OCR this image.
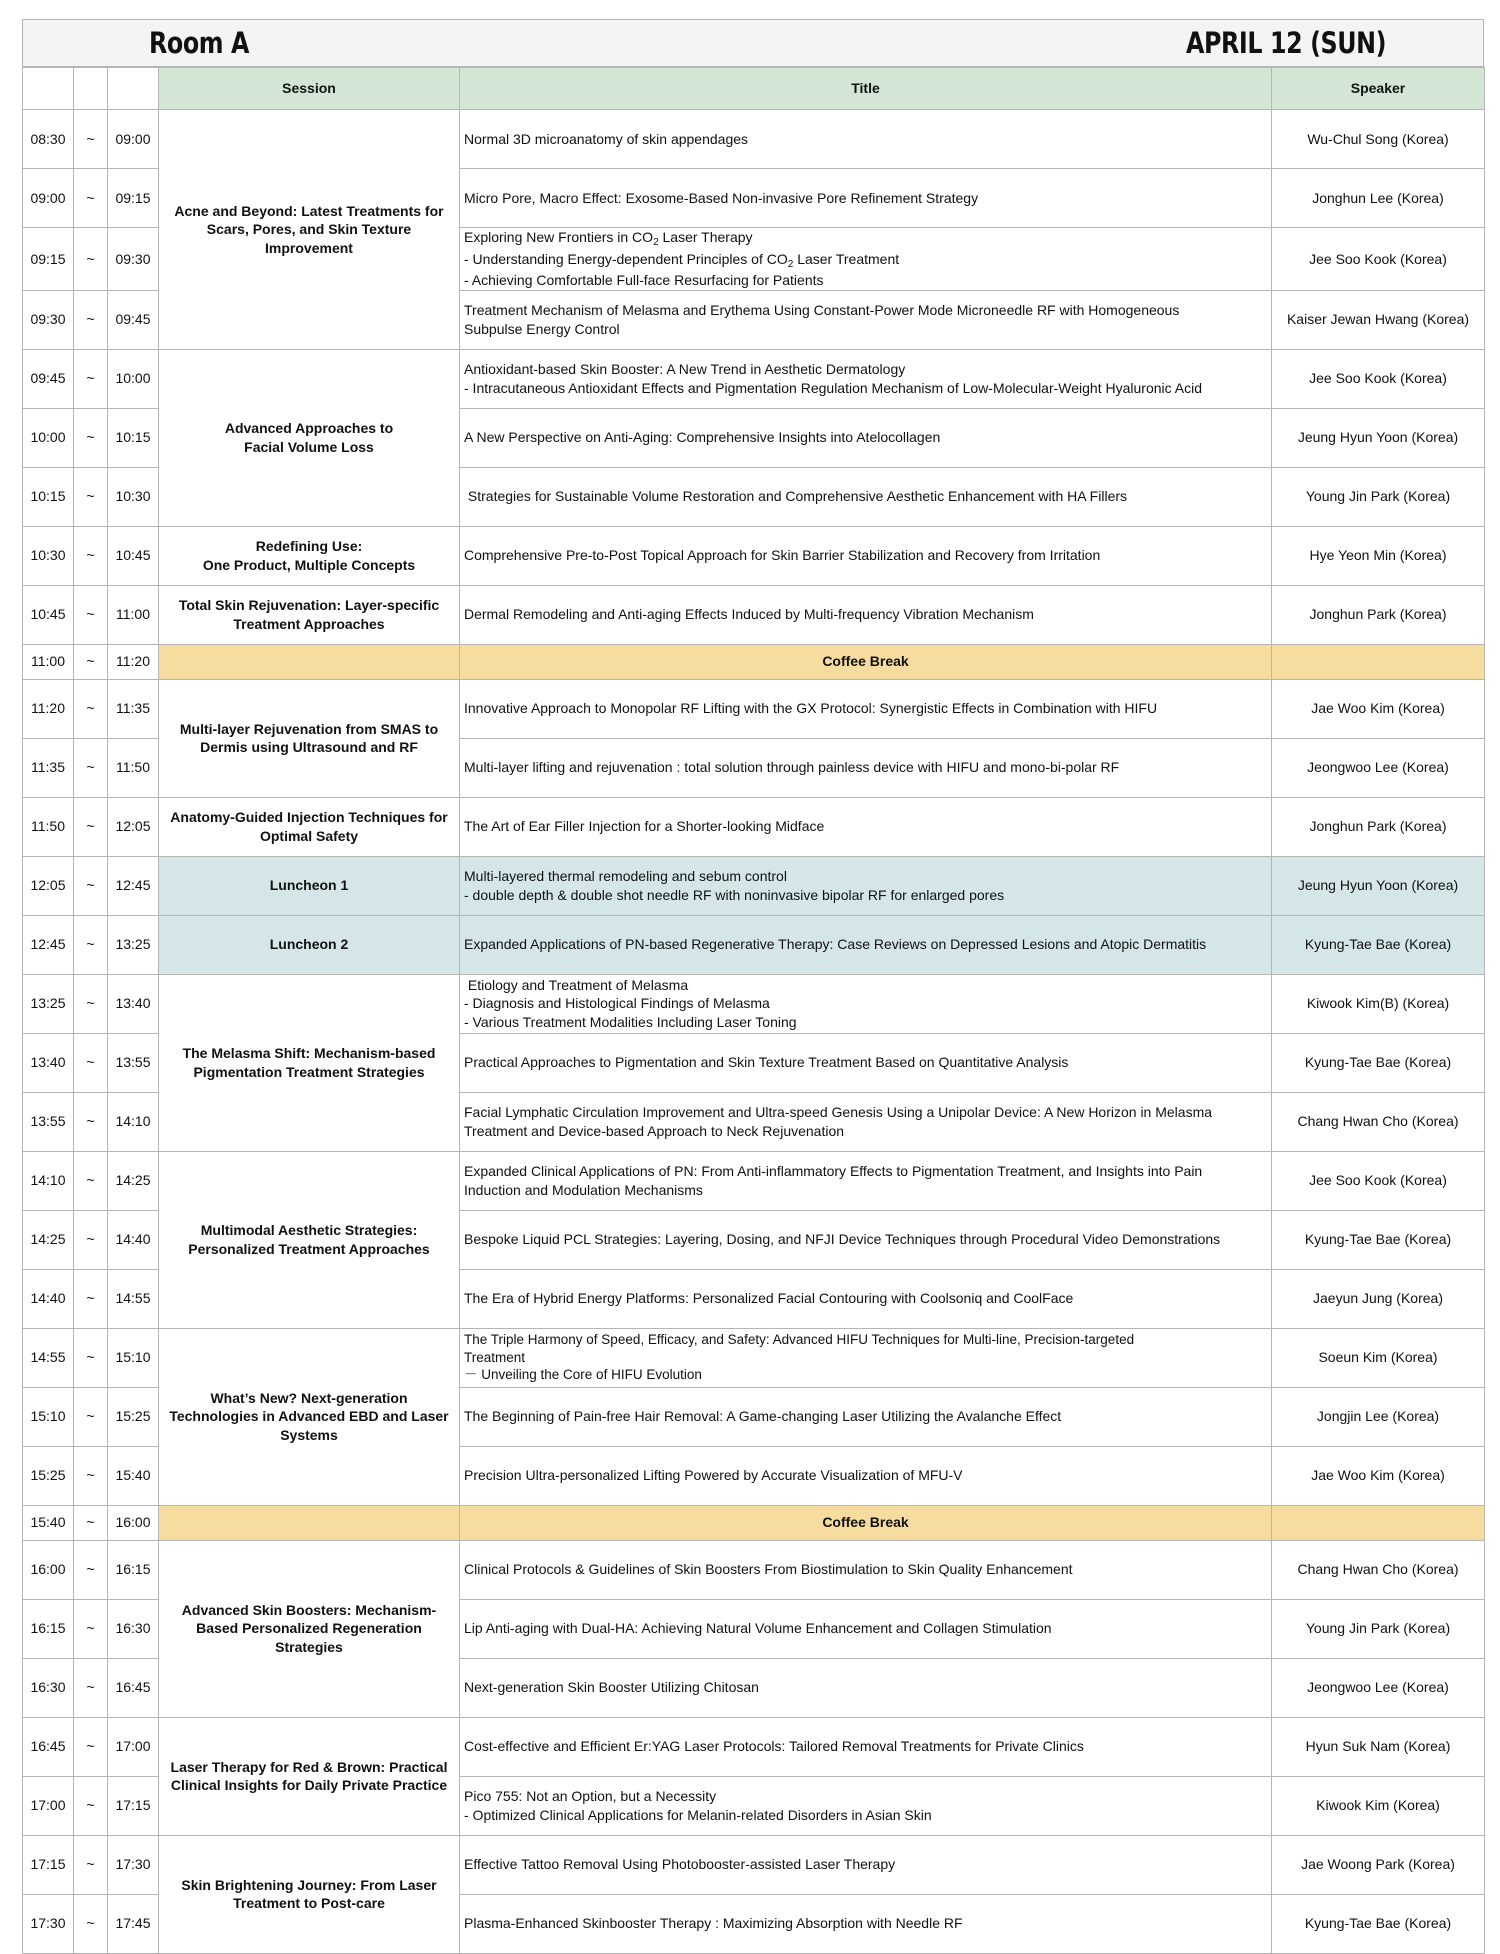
Room A	APRIL 12 (SUN)
			Session	Title	Speaker
08:30	~	09:00	Acne and Beyond: Latest Treatments for
Scars, Pores, and Skin Texture
Improvement	Normal 3D microanatomy of skin appendages	Wu-Chul Song (Korea)
09:00	~	09:15		Micro Pore, Macro Effect: Exosome-Based Non-invasive Pore Refinement Strategy	Jonghun Lee (Korea)
09:15	~	09:30		Exploring New Frontiers in $CO_2$ Laser Therapy
- Understanding Energy-dependent Principles of $CO_2$ Laser Treatment
- Achieving Comfortable Full-face Resurfacing for Patients	Jee Soo Kook (Korea)
09:30	~	09:45		Treatment Mechanism of Melasma and Erythema Using Constant-Power Mode Microneedle RF with Homogeneous
Subpulse Energy Control	Kaiser Jewan Hwang (Korea)
09:45	~	10:00	Advanced Approaches to
Facial Volume Loss	Antioxidant-based Skin Booster: A New Trend in Aesthetic Dermatology
- Intracutaneous Antioxidant Effects and Pigmentation Regulation Mechanism of Low-Molecular-Weight Hyaluronic Acid	Jee Soo Kook (Korea)
10:00	~	10:15		A New Perspective on Anti-Aging: Comprehensive Insights into Atelocollagen	Jeung Hyun Yoon (Korea)
10:15	~	10:30		Strategies for Sustainable Volume Restoration and Comprehensive Aesthetic Enhancement with HA Fillers	Young Jin Park (Korea)
10:30	~	10:45	Redefining Use:
One Product, Multiple Concepts	Comprehensive Pre-to-Post Topical Approach for Skin Barrier Stabilization and Recovery from Irritation	Hye Yeon Min (Korea)
10:45	~	11:00	Total Skin Rejuvenation: Layer-specific
Treatment Approaches	Dermal Remodeling and Anti-aging Effects Induced by Multi-frequency Vibration Mechanism	Jonghun Park (Korea)
11:00	~	11:20		Coffee Break	
11:20	~	11:35	Multi-layer Rejuvenation from SMAS to
Dermis using Ultrasound and RF	Innovative Approach to Monopolar RF Lifting with the GX Protocol: Synergistic Effects in Combination with HIFU	Jae Woo Kim (Korea)
11:35	~	11:50		Multi-layer lifting and rejuvenation : total solution through painless device with HIFU and mono-bi-polar RF	Jeongwoo Lee (Korea)
11:50	~	12:05	Anatomy-Guided Injection Techniques for
Optimal Safety	The Art of Ear Filler Injection for a Shorter-looking Midface	Jonghun Park (Korea)
12:05	~	12:45	Luncheon 1	Multi-layered thermal remodeling and sebum control
- double depth & double shot needle RF with noninvasive bipolar RF for enlarged pores	Jeung Hyun Yoon (Korea)
12:45	~	13:25	Luncheon 2	Expanded Applications of PN-based Regenerative Therapy: Case Reviews on Depressed Lesions and Atopic Dermatitis	Kyung-Tae Bae (Korea)
13:25	~	13:40	The Melasma Shift: Mechanism-based
Pigmentation Treatment Strategies	Etiology and Treatment of Melasma
- Diagnosis and Histological Findings of Melasma
- Various Treatment Modalities Including Laser Toning	Kiwook Kim(B) (Korea)
13:40	~	13:55		Practical Approaches to Pigmentation and Skin Texture Treatment Based on Quantitative Analysis	Kyung-Tae Bae (Korea)
13:55	~	14:10		Facial Lymphatic Circulation Improvement and Ultra-speed Genesis Using a Unipolar Device: A New Horizon in Melasma
Treatment and Device-based Approach to Neck Rejuvenation	Chang Hwan Cho (Korea)
14:10	~	14:25	Multimodal Aesthetic Strategies:
Personalized Treatment Approaches	Expanded Clinical Applications of PN: From Anti-inflammatory Effects to Pigmentation Treatment, and Insights into Pain
Induction and Modulation Mechanisms	Jee Soo Kook (Korea)
14:25	~	14:40		Bespoke Liquid PCL Strategies: Layering, Dosing, and NFJI Device Techniques through Procedural Video Demonstrations	Kyung-Tae Bae (Korea)
14:40	~	14:55		The Era of Hybrid Energy Platforms: Personalized Facial Contouring with Coolsoniq and CoolFace	Jaeyun Jung (Korea)
14:55	~	15:10	What’s New? Next-generation
Technologies in Advanced EBD and Laser
Systems	The Triple Harmony of Speed, Efficacy, and Safety: Advanced HIFU Techniques for Multi-line, Precision-targeted
Treatment
－ Unveiling the Core of HIFU Evolution	Soeun Kim (Korea)
15:10	~	15:25		The Beginning of Pain-free Hair Removal: A Game-changing Laser Utilizing the Avalanche Effect	Jongjin Lee (Korea)
15:25	~	15:40		Precision Ultra-personalized Lifting Powered by Accurate Visualization of MFU-V	Jae Woo Kim (Korea)
15:40	~	16:00		Coffee Break	
16:00	~	16:15	Advanced Skin Boosters: Mechanism-
Based Personalized Regeneration
Strategies	Clinical Protocols & Guidelines of Skin Boosters From Biostimulation to Skin Quality Enhancement	Chang Hwan Cho (Korea)
16:15	~	16:30		Lip Anti-aging with Dual-HA: Achieving Natural Volume Enhancement and Collagen Stimulation	Young Jin Park (Korea)
16:30	~	16:45		Next-generation Skin Booster Utilizing Chitosan	Jeongwoo Lee (Korea)
16:45	~	17:00	Laser Therapy for Red & Brown: Practical
Clinical Insights for Daily Private Practice	Cost-effective and Efficient Er:YAG Laser Protocols: Tailored Removal Treatments for Private Clinics	Hyun Suk Nam (Korea)
17:00	~	17:15		Pico 755: Not an Option, but a Necessity
- Optimized Clinical Applications for Melanin-related Disorders in Asian Skin	Kiwook Kim (Korea)
17:15	~	17:30	Skin Brightening Journey: From Laser
Treatment to Post-care	Effective Tattoo Removal Using Photobooster-assisted Laser Therapy	Jae Woong Park (Korea)
17:30	~	17:45		Plasma-Enhanced Skinbooster Therapy : Maximizing Absorption with Needle RF	Kyung-Tae Bae (Korea)
